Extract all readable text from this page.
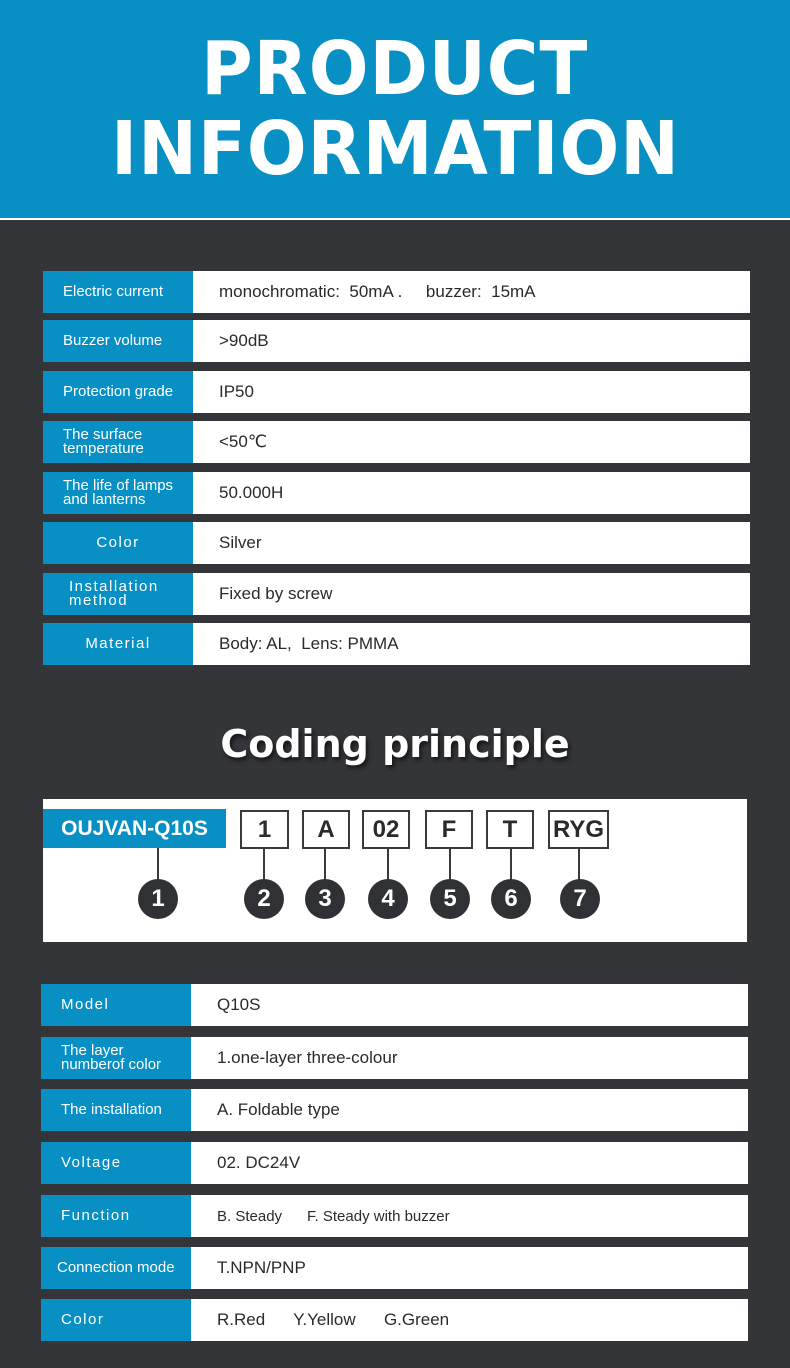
PRODUCT
INFORMATION
Electric current	monochromatic:  50mA .     buzzer:  15mA
Buzzer volume	>90dB
Protection grade	IP50
The surface temperature	<50℃
The life of lamps and lanterns	50.000H
Color	Silver
Installation method	Fixed by screw
Material	Body: AL,  Lens: PMMA
Coding principle
OUJVAN-Q10S	1	A	02	F	T	RYG
1	2	3	4	5	6	7
Model	Q10S
The layer numberof color	1.one-layer three-colour
The installation	A. Foldable type
Voltage	02. DC24V
Function	B. Steady      F. Steady with buzzer
Connection mode	T.NPN/PNP
Color	R.Red      Y.Yellow      G.Green
